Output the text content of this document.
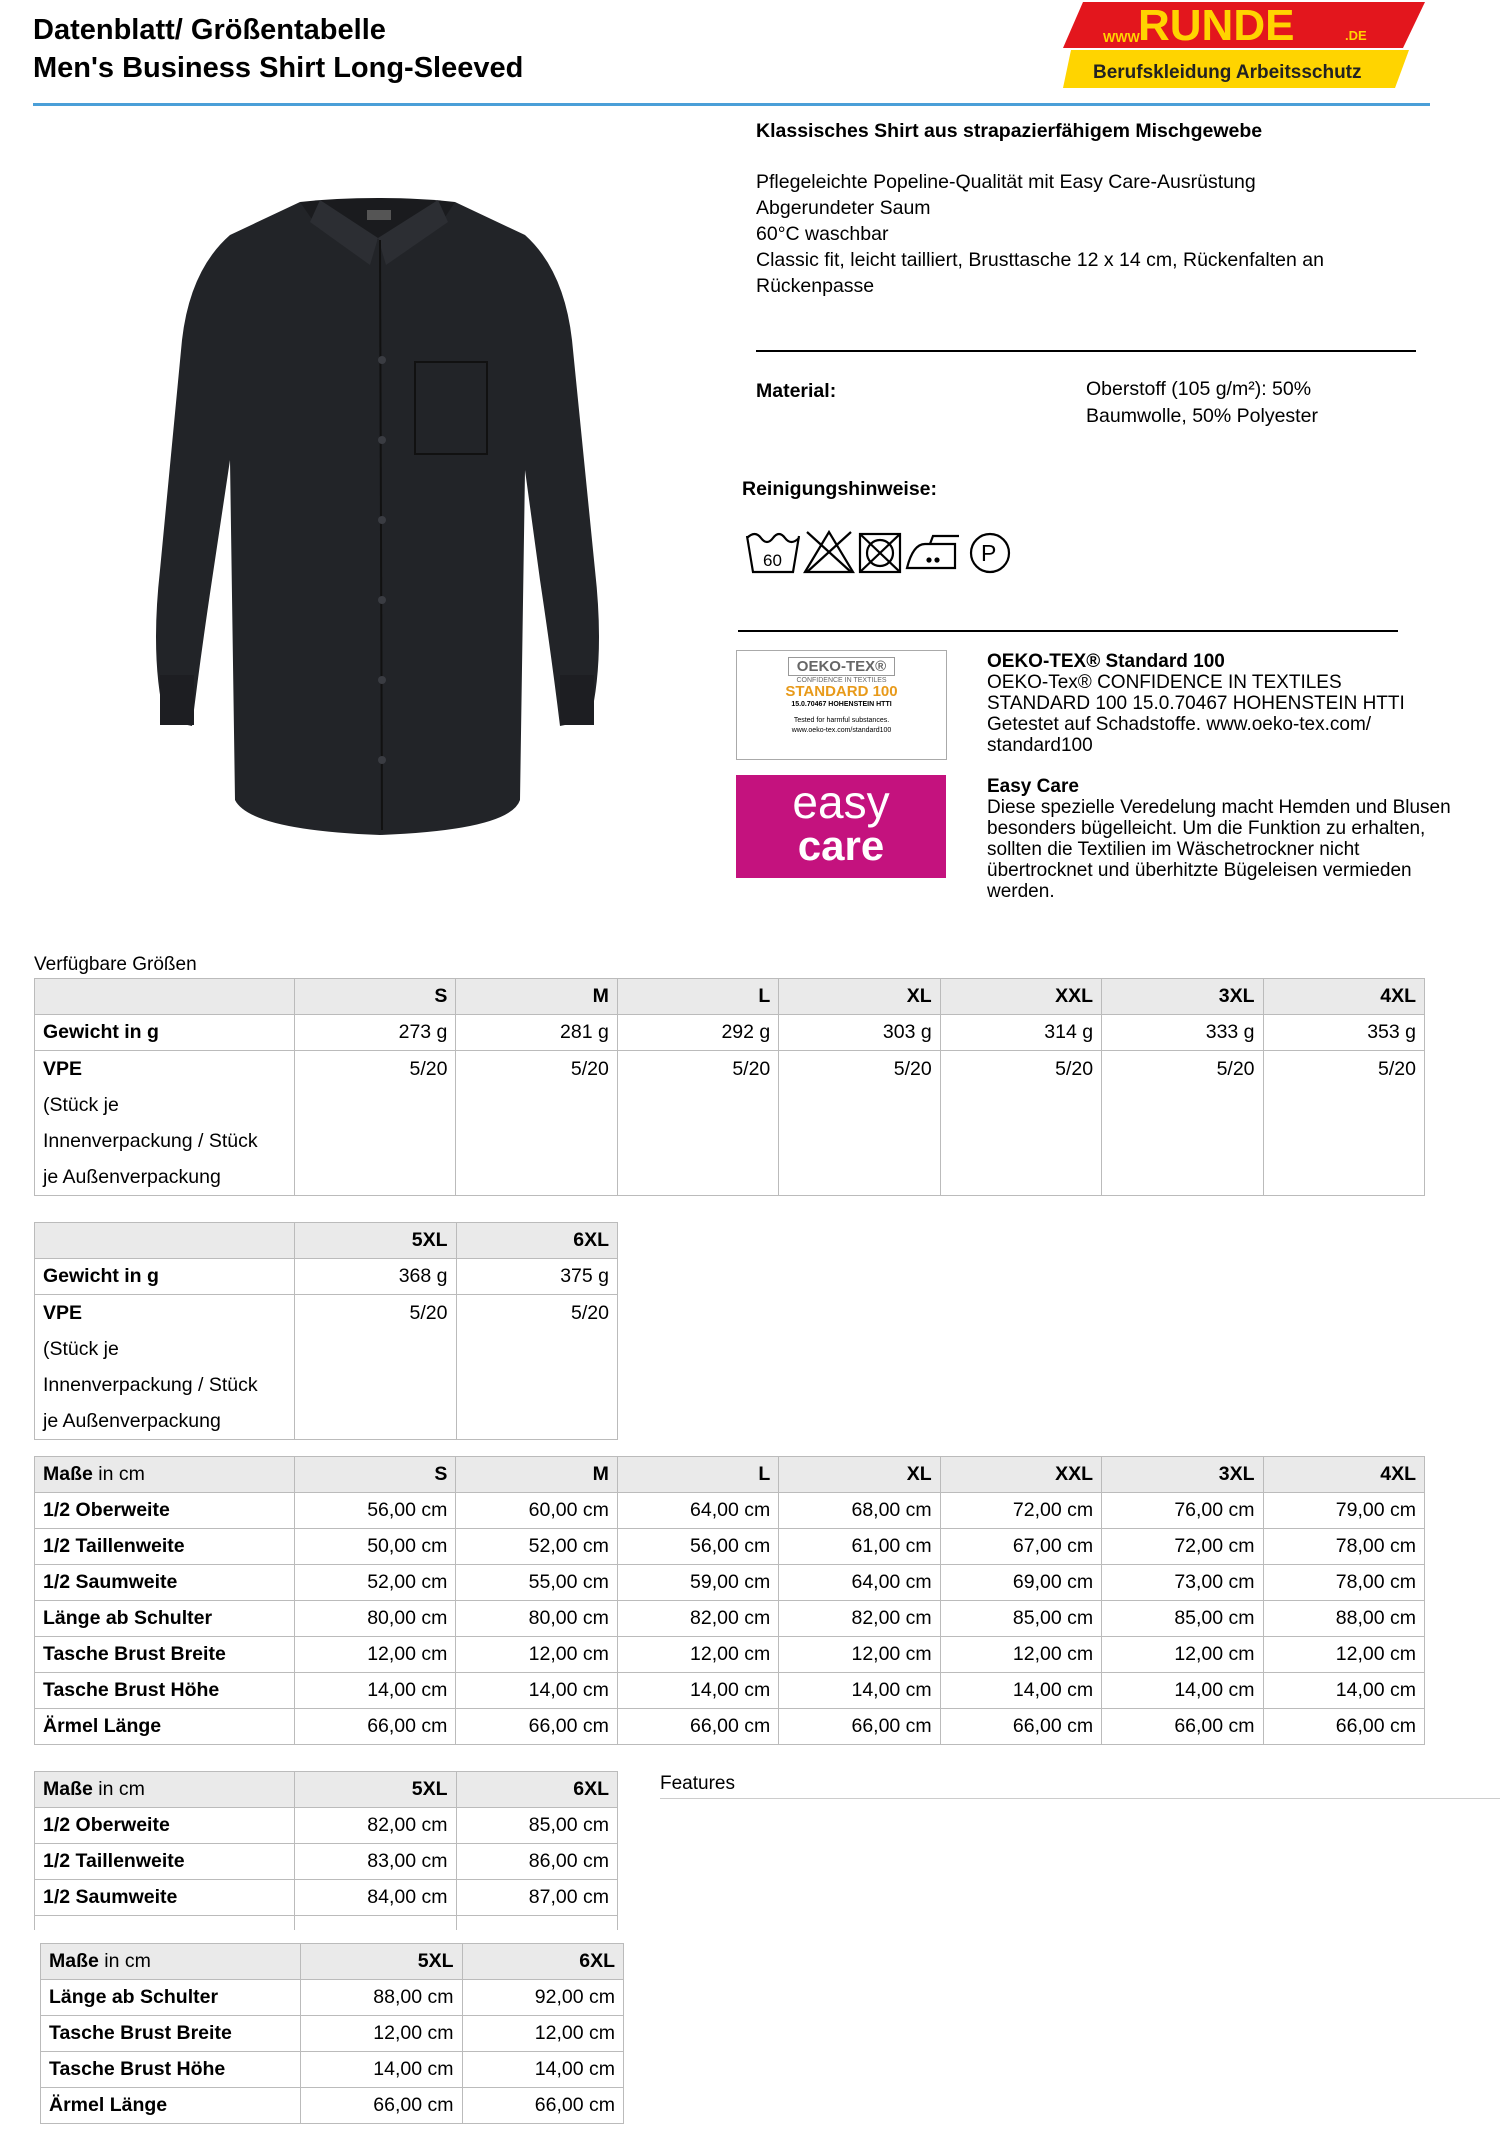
Datenblatt/ Größentabelle
Men's Business Shirt Long-Sleeved
WWW
RUNDE	.DE
Berufskleidung Arbeitsschutz
Klassisches Shirt aus strapazierfähigem Mischgewebe
Pflegeleichte Popeline-Qualität mit Easy Care-Ausrüstung
Abgerundeter Saum
60°C waschbar
Classic fit, leicht tailliert, Brusttasche 12 x 14 cm, Rückenfalten an
Rückenpasse
Material:	Oberstoff (105 g/m²): 50%
Baumwolle, 50% Polyester
Reinigungshinweise:
60	P
OEKO-TEX®
CONFIDENCE IN TEXTILES
STANDARD 100
15.0.70467 HOHENSTEIN HTTI
Tested for harmful substances.
www.oeko-tex.com/standard100
OEKO-TEX® Standard 100
OEKO-Tex® CONFIDENCE IN TEXTILES
STANDARD 100 15.0.70467 HOHENSTEIN HTTI
Getestet auf Schadstoffe. www.oeko-tex.com/
standard100
easy
care
Easy Care
Diese spezielle Veredelung macht Hemden und Blusen
besonders bügelleicht. Um die Funktion zu erhalten,
sollten die Textilien im Wäschetrockner nicht
übertrocknet und überhitzte Bügeleisen vermieden
werden.
Verfügbare Größen
	S	M	L	XL	XXL	3XL	4XL
Gewicht in g	273 g	281 g	292 g	303 g	314 g	333 g	353 g
VPE
(Stück je
Innenverpackung / Stück
je Außenverpackung	5/20	5/20	5/20	5/20	5/20	5/20	5/20
	5XL	6XL
Gewicht in g	368 g	375 g
VPE
(Stück je
Innenverpackung / Stück
je Außenverpackung	5/20	5/20
Maße in cm	S	M	L	XL	XXL	3XL	4XL
1/2 Oberweite	56,00 cm	60,00 cm	64,00 cm	68,00 cm	72,00 cm	76,00 cm	79,00 cm
1/2 Taillenweite	50,00 cm	52,00 cm	56,00 cm	61,00 cm	67,00 cm	72,00 cm	78,00 cm
1/2 Saumweite	52,00 cm	55,00 cm	59,00 cm	64,00 cm	69,00 cm	73,00 cm	78,00 cm
Länge ab Schulter	80,00 cm	80,00 cm	82,00 cm	82,00 cm	85,00 cm	85,00 cm	88,00 cm
Tasche Brust Breite	12,00 cm	12,00 cm	12,00 cm	12,00 cm	12,00 cm	12,00 cm	12,00 cm
Tasche Brust Höhe	14,00 cm	14,00 cm	14,00 cm	14,00 cm	14,00 cm	14,00 cm	14,00 cm
Ärmel Länge	66,00 cm	66,00 cm	66,00 cm	66,00 cm	66,00 cm	66,00 cm	66,00 cm
Maße in cm	5XL	6XL
1/2 Oberweite	82,00 cm	85,00 cm
1/2 Taillenweite	83,00 cm	86,00 cm
1/2 Saumweite	84,00 cm	87,00 cm

Features
Maße in cm	5XL	6XL
Länge ab Schulter	88,00 cm	92,00 cm
Tasche Brust Breite	12,00 cm	12,00 cm
Tasche Brust Höhe	14,00 cm	14,00 cm
Ärmel Länge	66,00 cm	66,00 cm
